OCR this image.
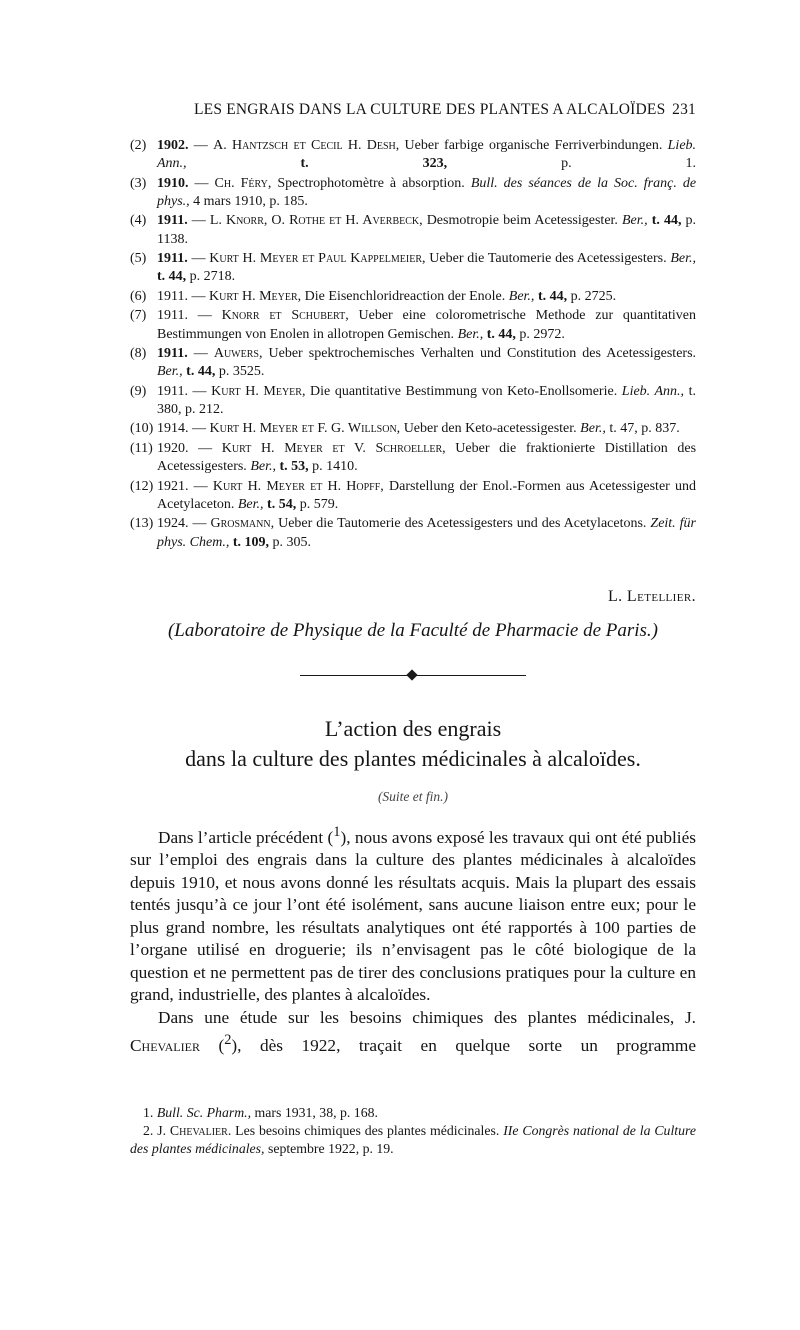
LES ENGRAIS DANS LA CULTURE DES PLANTES A ALCALOÏDES 231
(2) 1902. — A. Hantzsch et Cecil H. Desh, Ueber farbige organische Ferriverbindungen. Lieb. Ann.,	t. 323,	p. 1.
(3) 1910. — Ch. Féry, Spectrophotomètre à absorption. Bull. des séances de la Soc. franç. de phys., 4 mars 1910, p. 185.
(4) 1911. — L. Knorr, O. Rothe et H. Averbeck, Desmotropie beim Acetessigester. Ber., t. 44, p. 1138.
(5) 1911. — Kurt H. Meyer et Paul Kappelmeier, Ueber die Tautomerie des Acetessigesters. Ber., t. 44, p. 2718.
(6) 1911. — Kurt H. Meyer, Die Eisenchloridreaction der Enole. Ber., t. 44, p. 2725.
(7) 1911. — Knorr et Schubert, Ueber eine colorometrische Methode zur quantitativen Bestimmungen von Enolen in allotropen Gemischen. Ber., t. 44, p. 2972.
(8) 1911. — Auwers, Ueber spektrochemisches Verhalten und Constitution des Acetessigesters. Ber., t. 44, p. 3525.
(9) 1911. — Kurt H. Meyer, Die quantitative Bestimmung von Keto-Enollsomerie. Lieb. Ann., t. 380, p. 212.
(10) 1914. — Kurt H. Meyer et F. G. Willson, Ueber den Keto-acetessigester. Ber., t. 47, p. 837.
(11) 1920. — Kurt H. Meyer et V. Schroeller, Ueber die fraktionierte Distillation des Acetessigesters. Ber., t. 53, p. 1410.
(12) 1921. — Kurt H. Meyer et H. Hopff, Darstellung der Enol.-Formen aus Acetessigester und Acetylaceton. Ber., t. 54, p. 579.
(13) 1924. — Grosmann, Ueber die Tautomerie des Acetessigesters und des Acetylacetons. Zeit. für phys. Chem., t. 109, p. 305.
L. Letellier.
(Laboratoire de Physique de la Faculté de Pharmacie de Paris.)
L’action des engrais
dans la culture des plantes médicinales à alcaloïdes.
(Suite et fin.)

Dans l’article précédent ($^1$), nous avons exposé les travaux qui ont été publiés sur l’emploi des engrais dans la culture des plantes médicinales à alcaloïdes depuis 1910, et nous avons donné les résultats acquis. Mais la plupart des essais tentés jusqu’à ce jour l’ont été isolément, sans aucune liaison entre eux; pour le plus grand nombre, les résultats analytiques ont été rapportés à 100 parties de l’organe utilisé en droguerie; ils n’envisagent pas le côté biologique de la question et ne permettent pas de tirer des conclusions pratiques pour la culture en grand, industrielle, des plantes à alcaloïdes.

Dans une étude sur les besoins chimiques des plantes médicinales, J. Chevalier ($^2$), dès 1922, traçait en quelque sorte un programme

1. Bull. Sc. Pharm., mars 1931, 38, p. 168.

2. J. Chevalier. Les besoins chimiques des plantes médicinales. IIe Congrès national de la Culture des plantes médicinales, septembre 1922, p. 19.
